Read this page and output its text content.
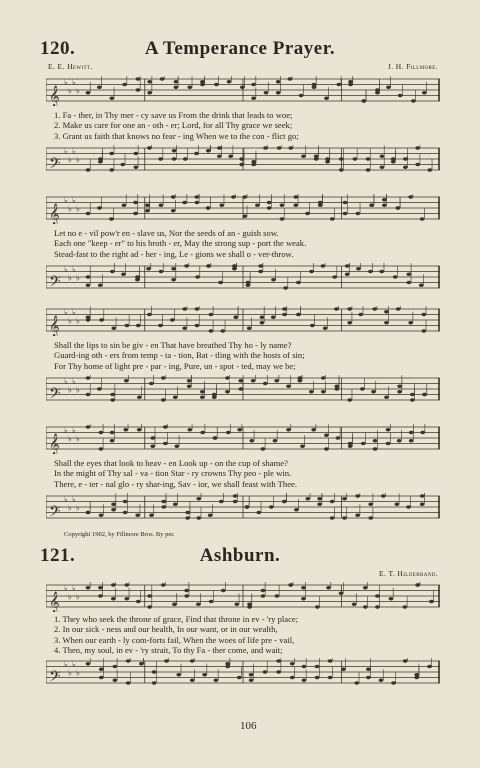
120.	A Temperance Prayer.
E. E. Hewitt.	J. H. Fillmore.
𝄞
♭
♭
♭
♭
1. Fa - ther, in Thy mer - cy save us From the drink that leads to woe;
2. Make us care for one an - oth - er; Lord, for all Thy grace we seek;
3. Grant us faith that knows no fear - ing When we to the con - flict go;
𝄢
♭
♭
♭
♭
𝄞
♭
♭
♭
♭
Let no e - vil pow'r en - slave us, Nor the seeds of an - guish sow.
Each one "keep - er" to his broth - er, May the strong sup - port the weak.
Stead-fast to the right ad - her - ing, Le - gions we shall o - ver-throw.
𝄢
♭
♭
♭
♭
𝄞
♭
♭
♭
♭
Shall the lips to sin be giv - en That have breathed Thy ho - ly name?
Guard-ing oth - ers from temp - ta - tion, Bat - tling with the hosts of sin;
For Thy home of light pre - par - ing, Pure, un - spot - ted, may we be;
𝄢
♭
♭
♭
♭
𝄞
♭
♭
♭
♭
Shall the eyes that look to heav - en Look up - on the cup of shame?
In the might of Thy sal - va - tion Star - ry crowns Thy peo - ple win.
There, e - ter - nal glo - ry shar-ing, Sav - ior, we shall feast with Thee.
𝄢
♭
♭
♭
♭
Copyright 1902, by Fillmore Bros. By per.
121.	Ashburn.
E. T. Hildebrand.
𝄞
♭
♭
♭
♭
1. They who seek the throne of grace, Find that throne in ev - 'ry place;
2. In our sick - ness and our health, In our want, or in our wealth,
3. When our earth - ly com-forts fail, When the woes of life pre - vail,
4. Then, my soul, in ev - 'ry strait, To thy Fa - ther come, and wait;
𝄢
♭
♭
♭
♭
106
